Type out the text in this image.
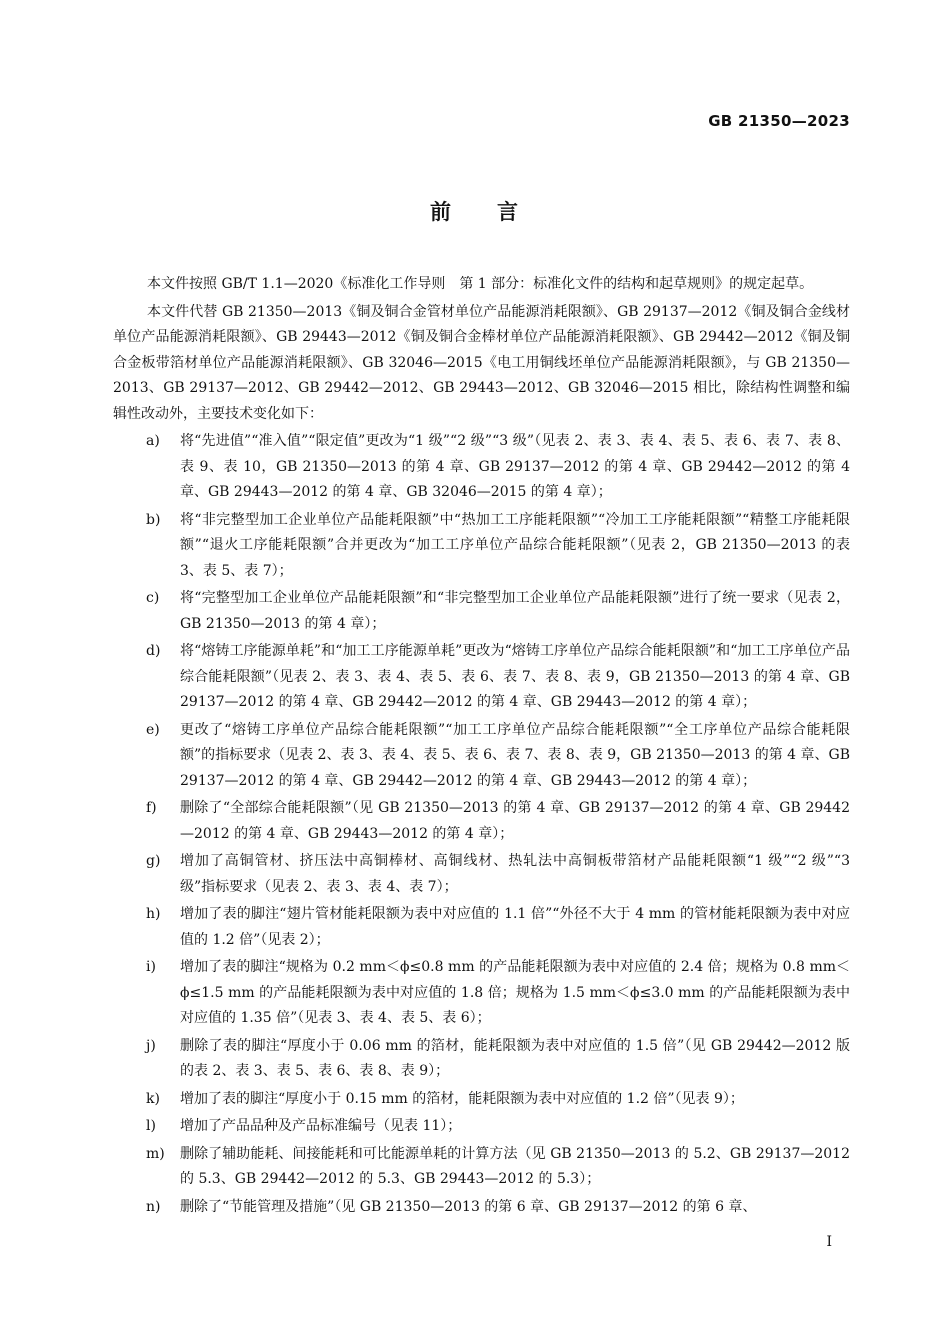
GB 21350—2023
前 言

本文件按照 GB/T 1.1—2020《标准化工作导则　第 1 部分：标准化文件的结构和起草规则》的规定起草。

本文件代替 GB 21350—2013《铜及铜合金管材单位产品能源消耗限额》、GB 29137—2012《铜及铜合金线材单位产品能源消耗限额》、GB 29443—2012《铜及铜合金棒材单位产品能源消耗限额》、GB 29442—2012《铜及铜合金板带箔材单位产品能源消耗限额》、GB 32046—2015《电工用铜线坯单位产品能源消耗限额》，与 GB 21350—2013、GB 29137—2012、GB 29442—2012、GB 29443—2012、GB 32046—2015 相比，除结构性调整和编辑性改动外，主要技术变化如下：

a) 将“先进值”“准入值”“限定值”更改为“1 级”“2 级”“3 级”（见表 2、表 3、表 4、表 5、表 6、表 7、表 8、表 9、表 10，GB 21350—2013 的第 4 章、GB 29137—2012 的第 4 章、GB 29442—2012 的第 4 章、GB 29443—2012 的第 4 章、GB 32046—2015 的第 4 章）；
b) 将“非完整型加工企业单位产品能耗限额”中“热加工工序能耗限额”“冷加工工序能耗限额”“精整工序能耗限额”“退火工序能耗限额”合并更改为“加工工序单位产品综合能耗限额”（见表 2，GB 21350—2013 的表 3、表 5、表 7）；
c) 将“完整型加工企业单位产品能耗限额”和“非完整型加工企业单位产品能耗限额”进行了统一要求（见表 2，GB 21350—2013 的第 4 章）；
d) 将“熔铸工序能源单耗”和“加工工序能源单耗”更改为“熔铸工序单位产品综合能耗限额”和“加工工序单位产品综合能耗限额”（见表 2、表 3、表 4、表 5、表 6、表 7、表 8、表 9，GB 21350—2013 的第 4 章、GB 29137—2012 的第 4 章、GB 29442—2012 的第 4 章、GB 29443—2012 的第 4 章）；
e) 更改了“熔铸工序单位产品综合能耗限额”“加工工序单位产品综合能耗限额”“全工序单位产品综合能耗限额”的指标要求（见表 2、表 3、表 4、表 5、表 6、表 7、表 8、表 9，GB 21350—2013 的第 4 章、GB 29137—2012 的第 4 章、GB 29442—2012 的第 4 章、GB 29443—2012 的第 4 章）；
f) 删除了“全部综合能耗限额”（见 GB 21350—2013 的第 4 章、GB 29137—2012 的第 4 章、GB 29442—2012 的第 4 章、GB 29443—2012 的第 4 章）；
g) 增加了高铜管材、挤压法中高铜棒材、高铜线材、热轧法中高铜板带箔材产品能耗限额“1 级”“2 级”“3 级”指标要求（见表 2、表 3、表 4、表 7）；
h) 增加了表的脚注“翅片管材能耗限额为表中对应值的 1.1 倍”“外径不大于 4 mm 的管材能耗限额为表中对应值的 1.2 倍”（见表 2）；
i) 增加了表的脚注“规格为 0.2 mm＜ϕ≤0.8 mm 的产品能耗限额为表中对应值的 2.4 倍；规格为 0.8 mm＜ϕ≤1.5 mm 的产品能耗限额为表中对应值的 1.8 倍；规格为 1.5 mm＜ϕ≤3.0 mm 的产品能耗限额为表中对应值的 1.35 倍”（见表 3、表 4、表 5、表 6）；
j) 删除了表的脚注“厚度小于 0.06 mm 的箔材，能耗限额为表中对应值的 1.5 倍”（见 GB 29442—2012 版的表 2、表 3、表 5、表 6、表 8、表 9）；
k) 增加了表的脚注“厚度小于 0.15 mm 的箔材，能耗限额为表中对应值的 1.2 倍”（见表 9）；
l) 增加了产品品种及产品标准编号（见表 11）；
m) 删除了辅助能耗、间接能耗和可比能源单耗的计算方法（见 GB 21350—2013 的 5.2、GB 29137—2012 的 5.3、GB 29442—2012 的 5.3、GB 29443—2012 的 5.3）；
n) 删除了“节能管理及措施”（见 GB 21350—2013 的第 6 章、GB 29137—2012 的第 6 章、
I
